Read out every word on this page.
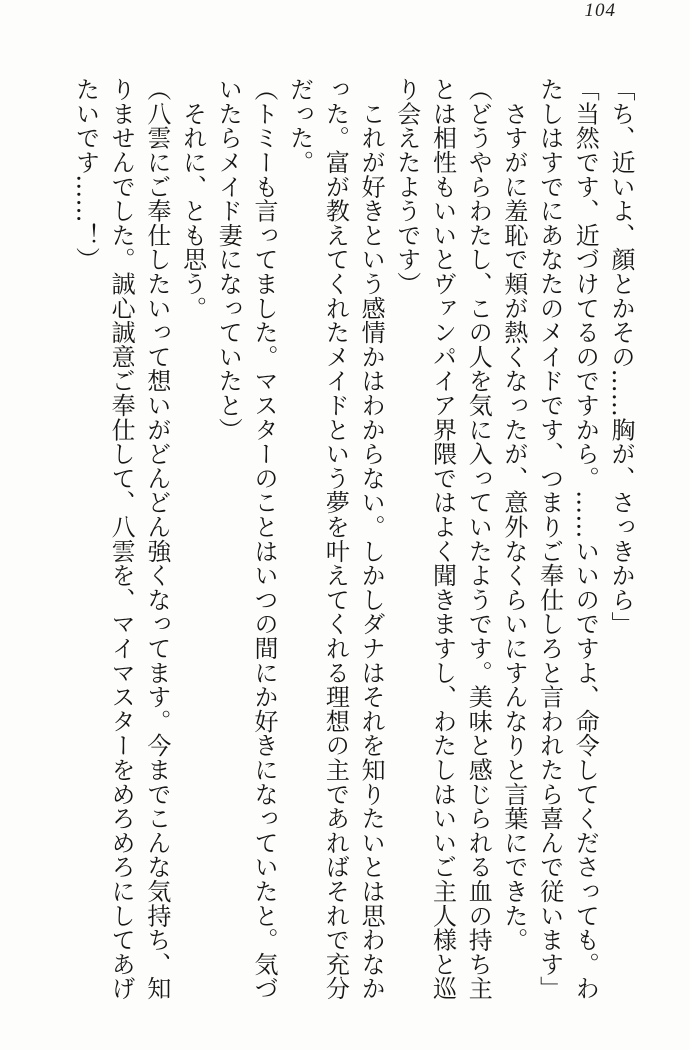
104

「ち、近いよ、顔とかその……胸が、さっきから」

「当然です、近づけてるのですから。……いいのですよ、命令してくださっても。わ

たしはすでにあなたのメイドです、つまりご奉仕しろと言われたら喜んで従います」

　さすがに羞恥で頬が熱くなったが、意外なくらいにすんなりと言葉にできた。

（どうやらわたし、この人を気に入っていたようです。美味と感じられる血の持ち主

とは相性もいいとヴァンパイア界隈ではよく聞きますし、わたしはいいご主人様と巡

り会えたようです）

　これが好きという感情かはわからない。しかしダナはそれを知りたいとは思わなか

った。富が教えてくれたメイドという夢を叶えてくれる理想の主であればそれで充分

だった。

（トミーも言ってました。マスターのことはいつの間にか好きになっていたと。気づ

いたらメイド妻になっていたと）

　それに、とも思う。

（八雲にご奉仕したいって想いがどんどん強くなってます。今までこんな気持ち、知

りませんでした。誠心誠意ご奉仕して、八雲を、マイマスターをめろめろにしてあげ

たいです……！）
